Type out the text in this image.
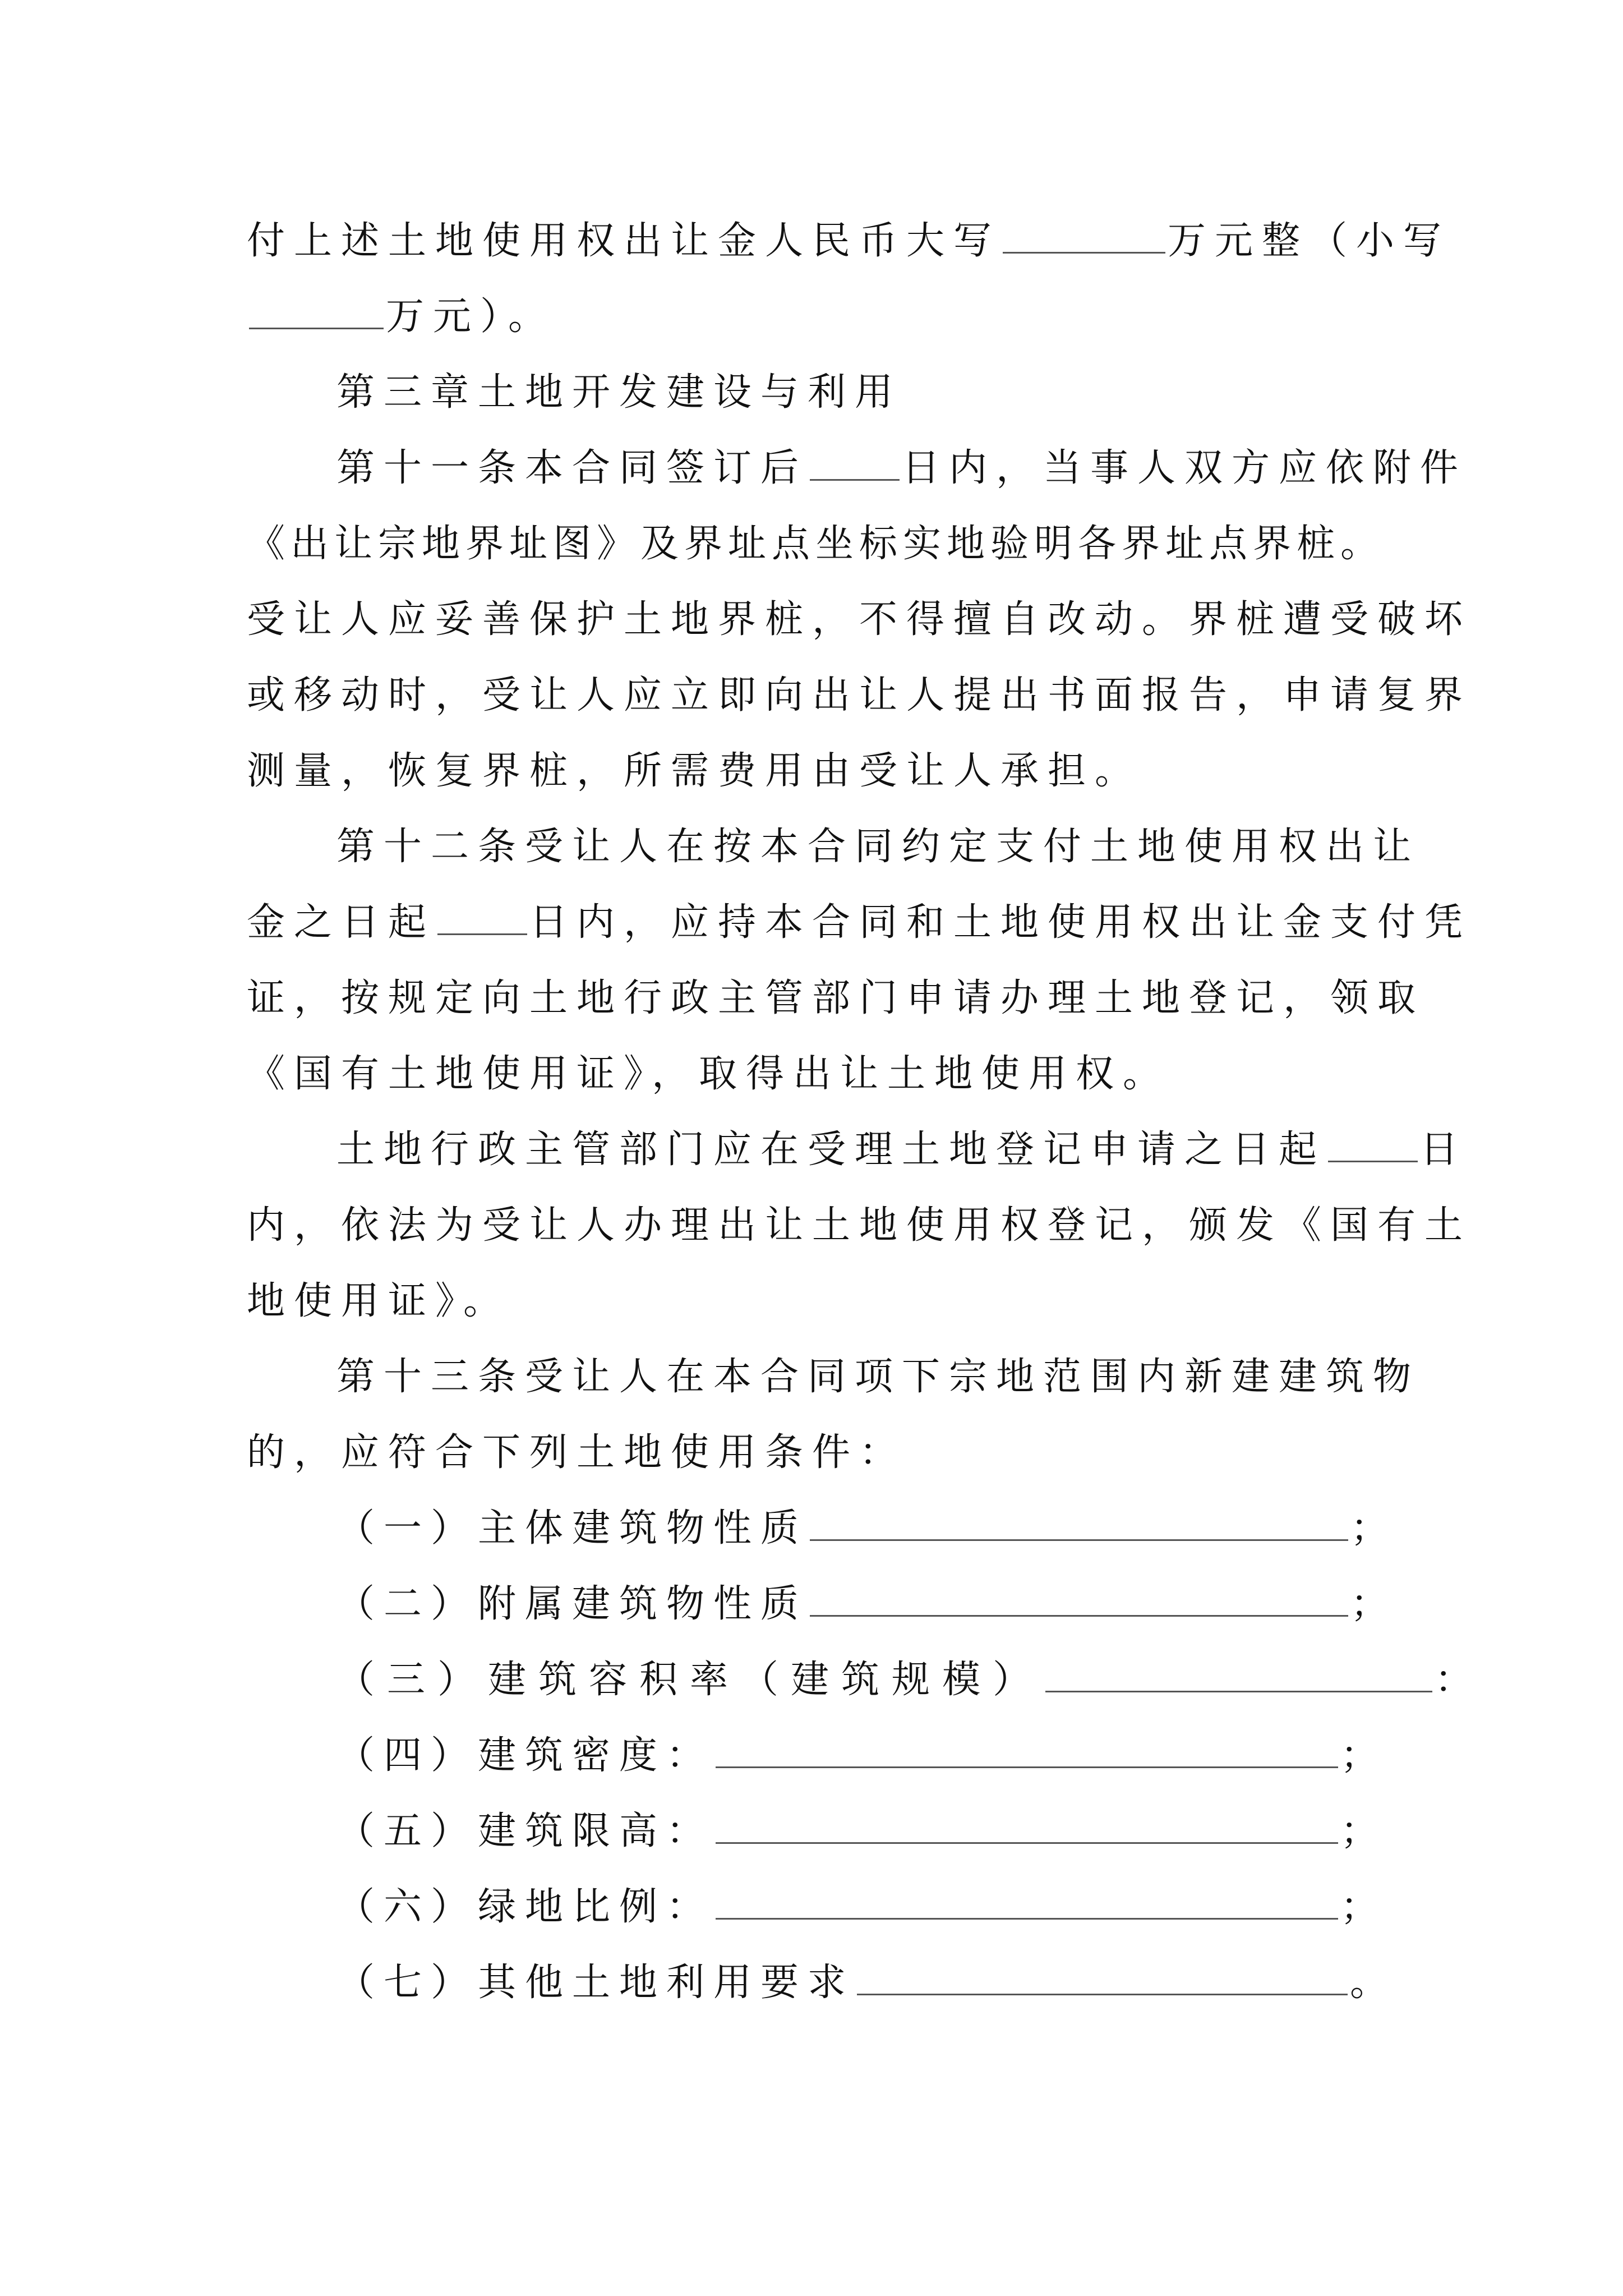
付上述土地使用权出让金人民币大写	万元整（小写
万元）。
第三章土地开发建设与利用
第十一条本合同签订后 日内，当事人双方应依附件
《出让宗地界址图》及界址点坐标实地验明各界址点界桩。
受让人应妥善保护土地界桩，不得擅自改动。界桩遭受破坏
或移动时，受让人应立即向出让人提出书面报告，申请复界
测量，恢复界桩，所需费用由受让人承担。
第十二条受让人在按本合同约定支付土地使用权出让
金之日起 日内，应持本合同和土地使用权出让金支付凭
证，按规定向土地行政主管部门申请办理土地登记，领取
《国有土地使用证》，取得出让土地使用权。
土地行政主管部门应在受理土地登记申请之日起 日
内，依法为受让人办理出让土地使用权登记，颁发《国有土
地使用证》。
第十三条受让人在本合同项下宗地范围内新建建筑物
的，应符合下列土地使用条件：
（一）主体建筑物性质	；
（二）附属建筑物性质	；
（三）建筑容积率（建筑规模）	：
（四）建筑密度：	；
（五）建筑限高：	；
（六）绿地比例：	；
（七）其他土地利用要求	。
